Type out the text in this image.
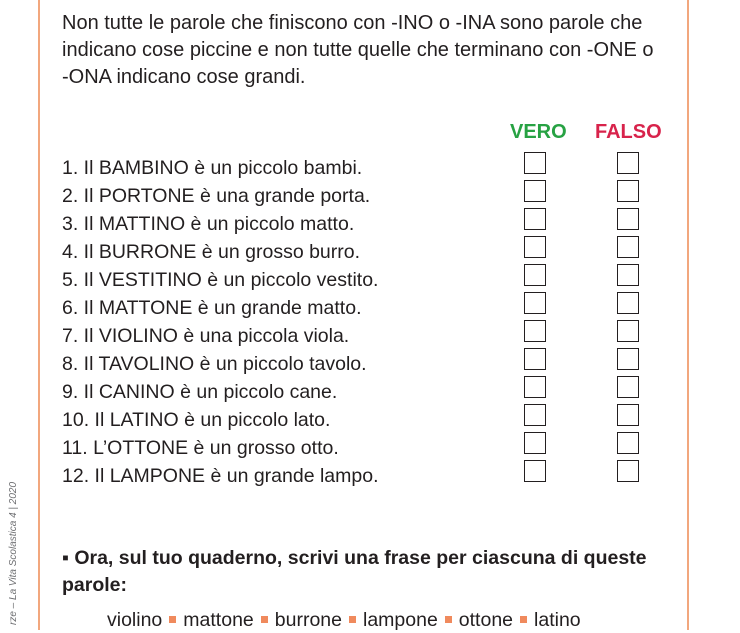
rze – La Vita Scolastica 4 | 2020

Non tutte le parole che finiscono con -INO o -INA sono parole che indicano cose piccine e non tutte quelle che terminano con -ONE o -ONA indicano cose grandi.

VERO FALSO
1. Il BAMBINO è un piccolo bambi.
2. Il PORTONE è una grande porta.
3. Il MATTINO è un piccolo matto.
4. Il BURRONE è un grosso burro.
5. Il VESTITINO è un piccolo vestito.
6. Il MATTONE è un grande matto.
7. Il VIOLINO è una piccola viola.
8. Il TAVOLINO è un piccolo tavolo.
9. Il CANINO è un piccolo cane.
10. Il LATINO è un piccolo lato.
11. L’OTTONE è un grosso otto.
12. Il LAMPONE è un grande lampo.

▪ Ora, sul tuo quaderno, scrivi una frase per ciascuna di queste parole:

violino mattone burrone lampone ottone latino
